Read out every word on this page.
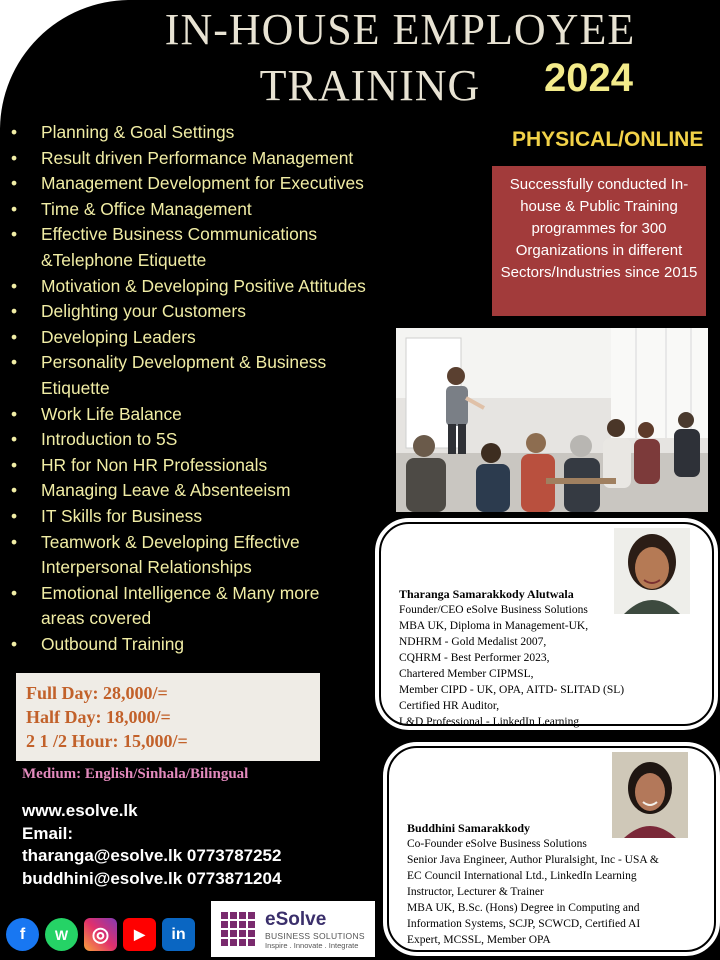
IN-HOUSE EMPLOYEE
TRAINING	2024
PHYSICAL/ONLINE
Successfully conducted In-house & Public Training programmes for 300 Organizations in different Sectors/Industries since 2015
• Planning & Goal Settings
• Result driven Performance Management
• Management Development for Executives
• Time & Office Management
• Effective Business Communications
&Telephone Etiquette
• Motivation & Developing Positive Attitudes
• Delighting your Customers
• Developing Leaders
• Personality Development & Business
Etiquette
• Work Life Balance
• Introduction to 5S
• HR for Non HR Professionals
• Managing Leave & Absenteeism
• IT Skills for Business
• Teamwork & Developing Effective
Interpersonal Relationships
• Emotional Intelligence & Many more
areas covered
• Outbound Training
Tharanga Samarakkody Alutwala
Founder/CEO eSolve Business Solutions
MBA UK, Diploma in Management-UK,
NDHRM - Gold Medalist 2007,
CQHRM - Best Performer 2023,
Chartered Member CIPMSL,
Member CIPD - UK, OPA, AITD- SLITAD (SL)
Certified HR Auditor,
L&D Professional - LinkedIn Learning
Buddhini Samarakkody
Co-Founder eSolve Business Solutions
Senior Java Engineer, Author Pluralsight, Inc - USA &
EC Council International Ltd., LinkedIn Learning
Instructor, Lecturer & Trainer
MBA UK, B.Sc. (Hons) Degree in Computing and
Information Systems, SCJP, SCWCD, Certified AI
Expert, MCSSL, Member OPA
Full Day: 28,000/=
Half Day: 18,000/=
2 1 /2 Hour: 15,000/=
Medium: English/Sinhala/Bilingual
www.esolve.lk
Email:
tharanga@esolve.lk 0773787252
buddhini@esolve.lk 0773871204
f	W	◎	▶	in
eSolve
BUSINESS SOLUTIONS
Inspire . Innovate . Integrate
